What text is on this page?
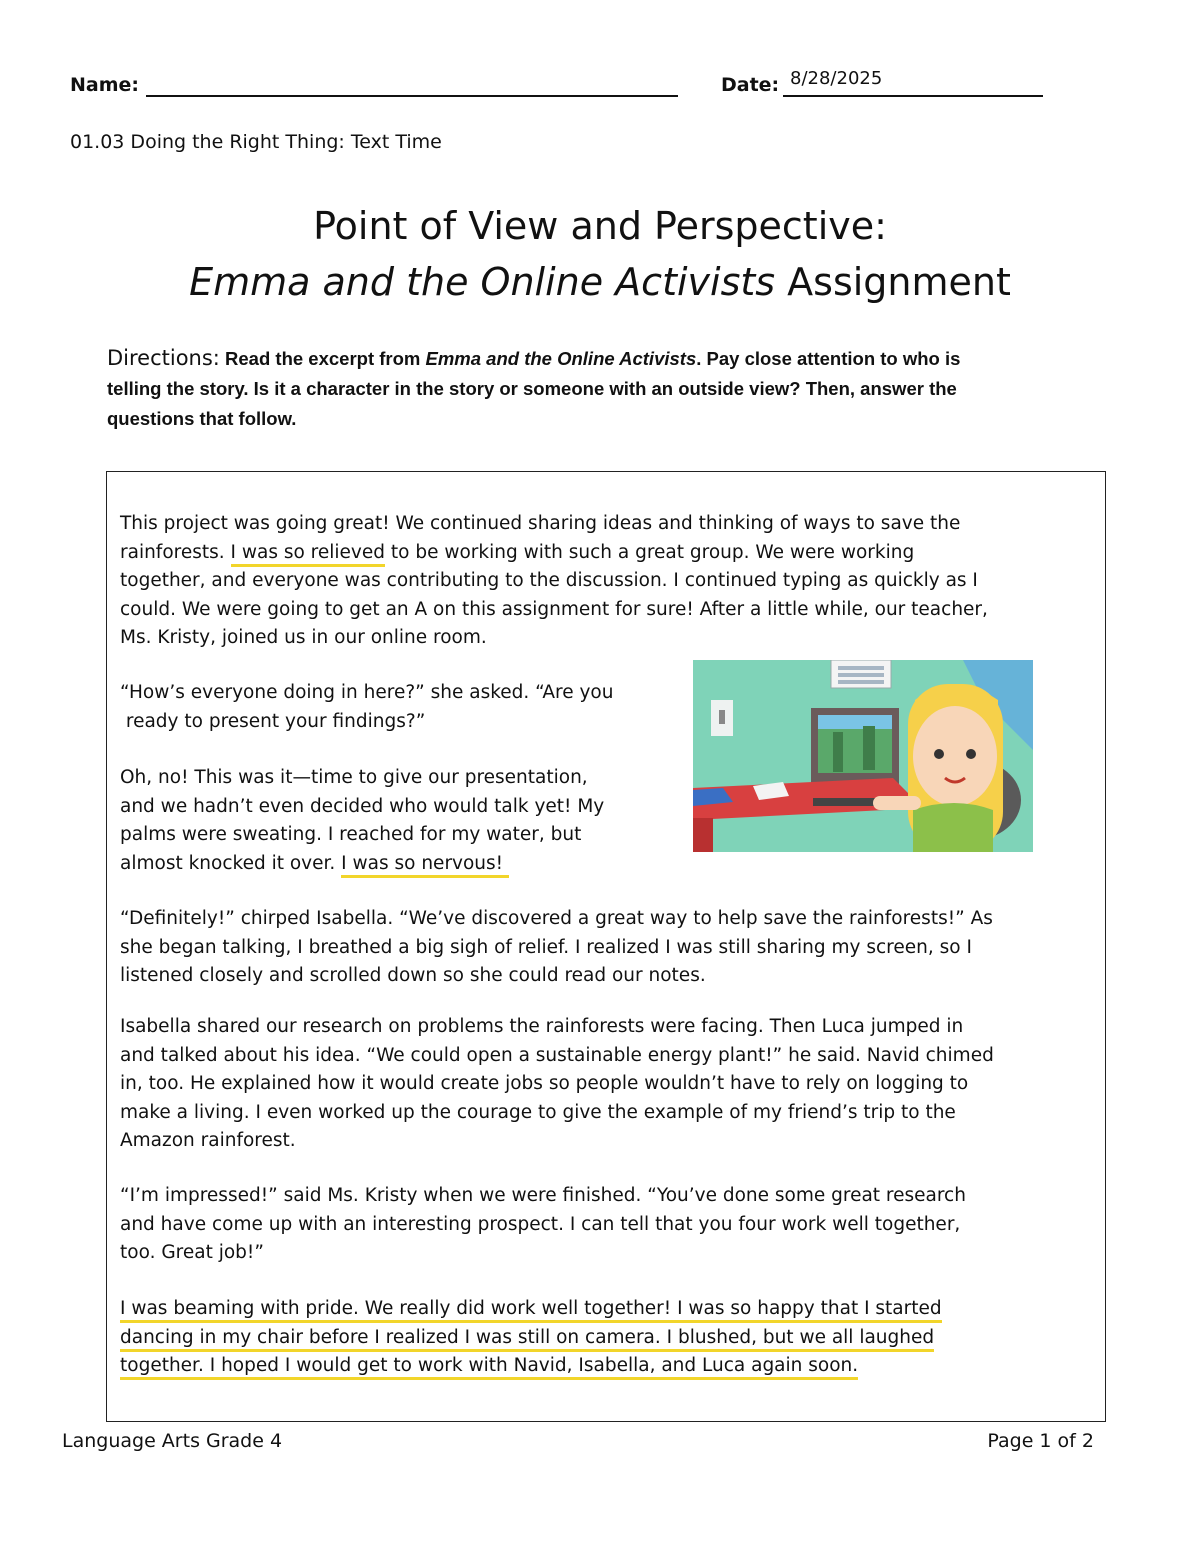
Name:	Date: 8/28/2025
01.03 Doing the Right Thing: Text Time
Point of View and Perspective:
Emma and the Online Activists Assignment
Directions: Read the excerpt from Emma and the Online Activists. Pay close attention to who is
telling the story. Is it a character in the story or someone with an outside view? Then, answer the
questions that follow.
This project was going great! We continued sharing ideas and thinking of ways to save the
rainforests. I was so relieved to be working with such a great group. We were working
together, and everyone was contributing to the discussion. I continued typing as quickly as I
could. We were going to get an A on this assignment for sure! After a little while, our teacher,
Ms. Kristy, joined us in our online room.
“How’s everyone doing in here?” she asked. “Are you
ready to present your findings?”
Oh, no! This was it—time to give our presentation,
and we hadn’t even decided who would talk yet! My
palms were sweating. I reached for my water, but
almost knocked it over. I was so nervous!
“Definitely!” chirped Isabella. “We’ve discovered a great way to help save the rainforests!” As
she began talking, I breathed a big sigh of relief. I realized I was still sharing my screen, so I
listened closely and scrolled down so she could read our notes.
Isabella shared our research on problems the rainforests were facing. Then Luca jumped in
and talked about his idea. “We could open a sustainable energy plant!” he said. Navid chimed
in, too. He explained how it would create jobs so people wouldn’t have to rely on logging to
make a living. I even worked up the courage to give the example of my friend’s trip to the
Amazon rainforest.
“I’m impressed!” said Ms. Kristy when we were finished. “You’ve done some great research
and have come up with an interesting prospect. I can tell that you four work well together,
too. Great job!”
I was beaming with pride. We really did work well together! I was so happy that I started
dancing in my chair before I realized I was still on camera. I blushed, but we all laughed
together. I hoped I would get to work with Navid, Isabella, and Luca again soon.
Language Arts Grade 4	Page 1 of 2
